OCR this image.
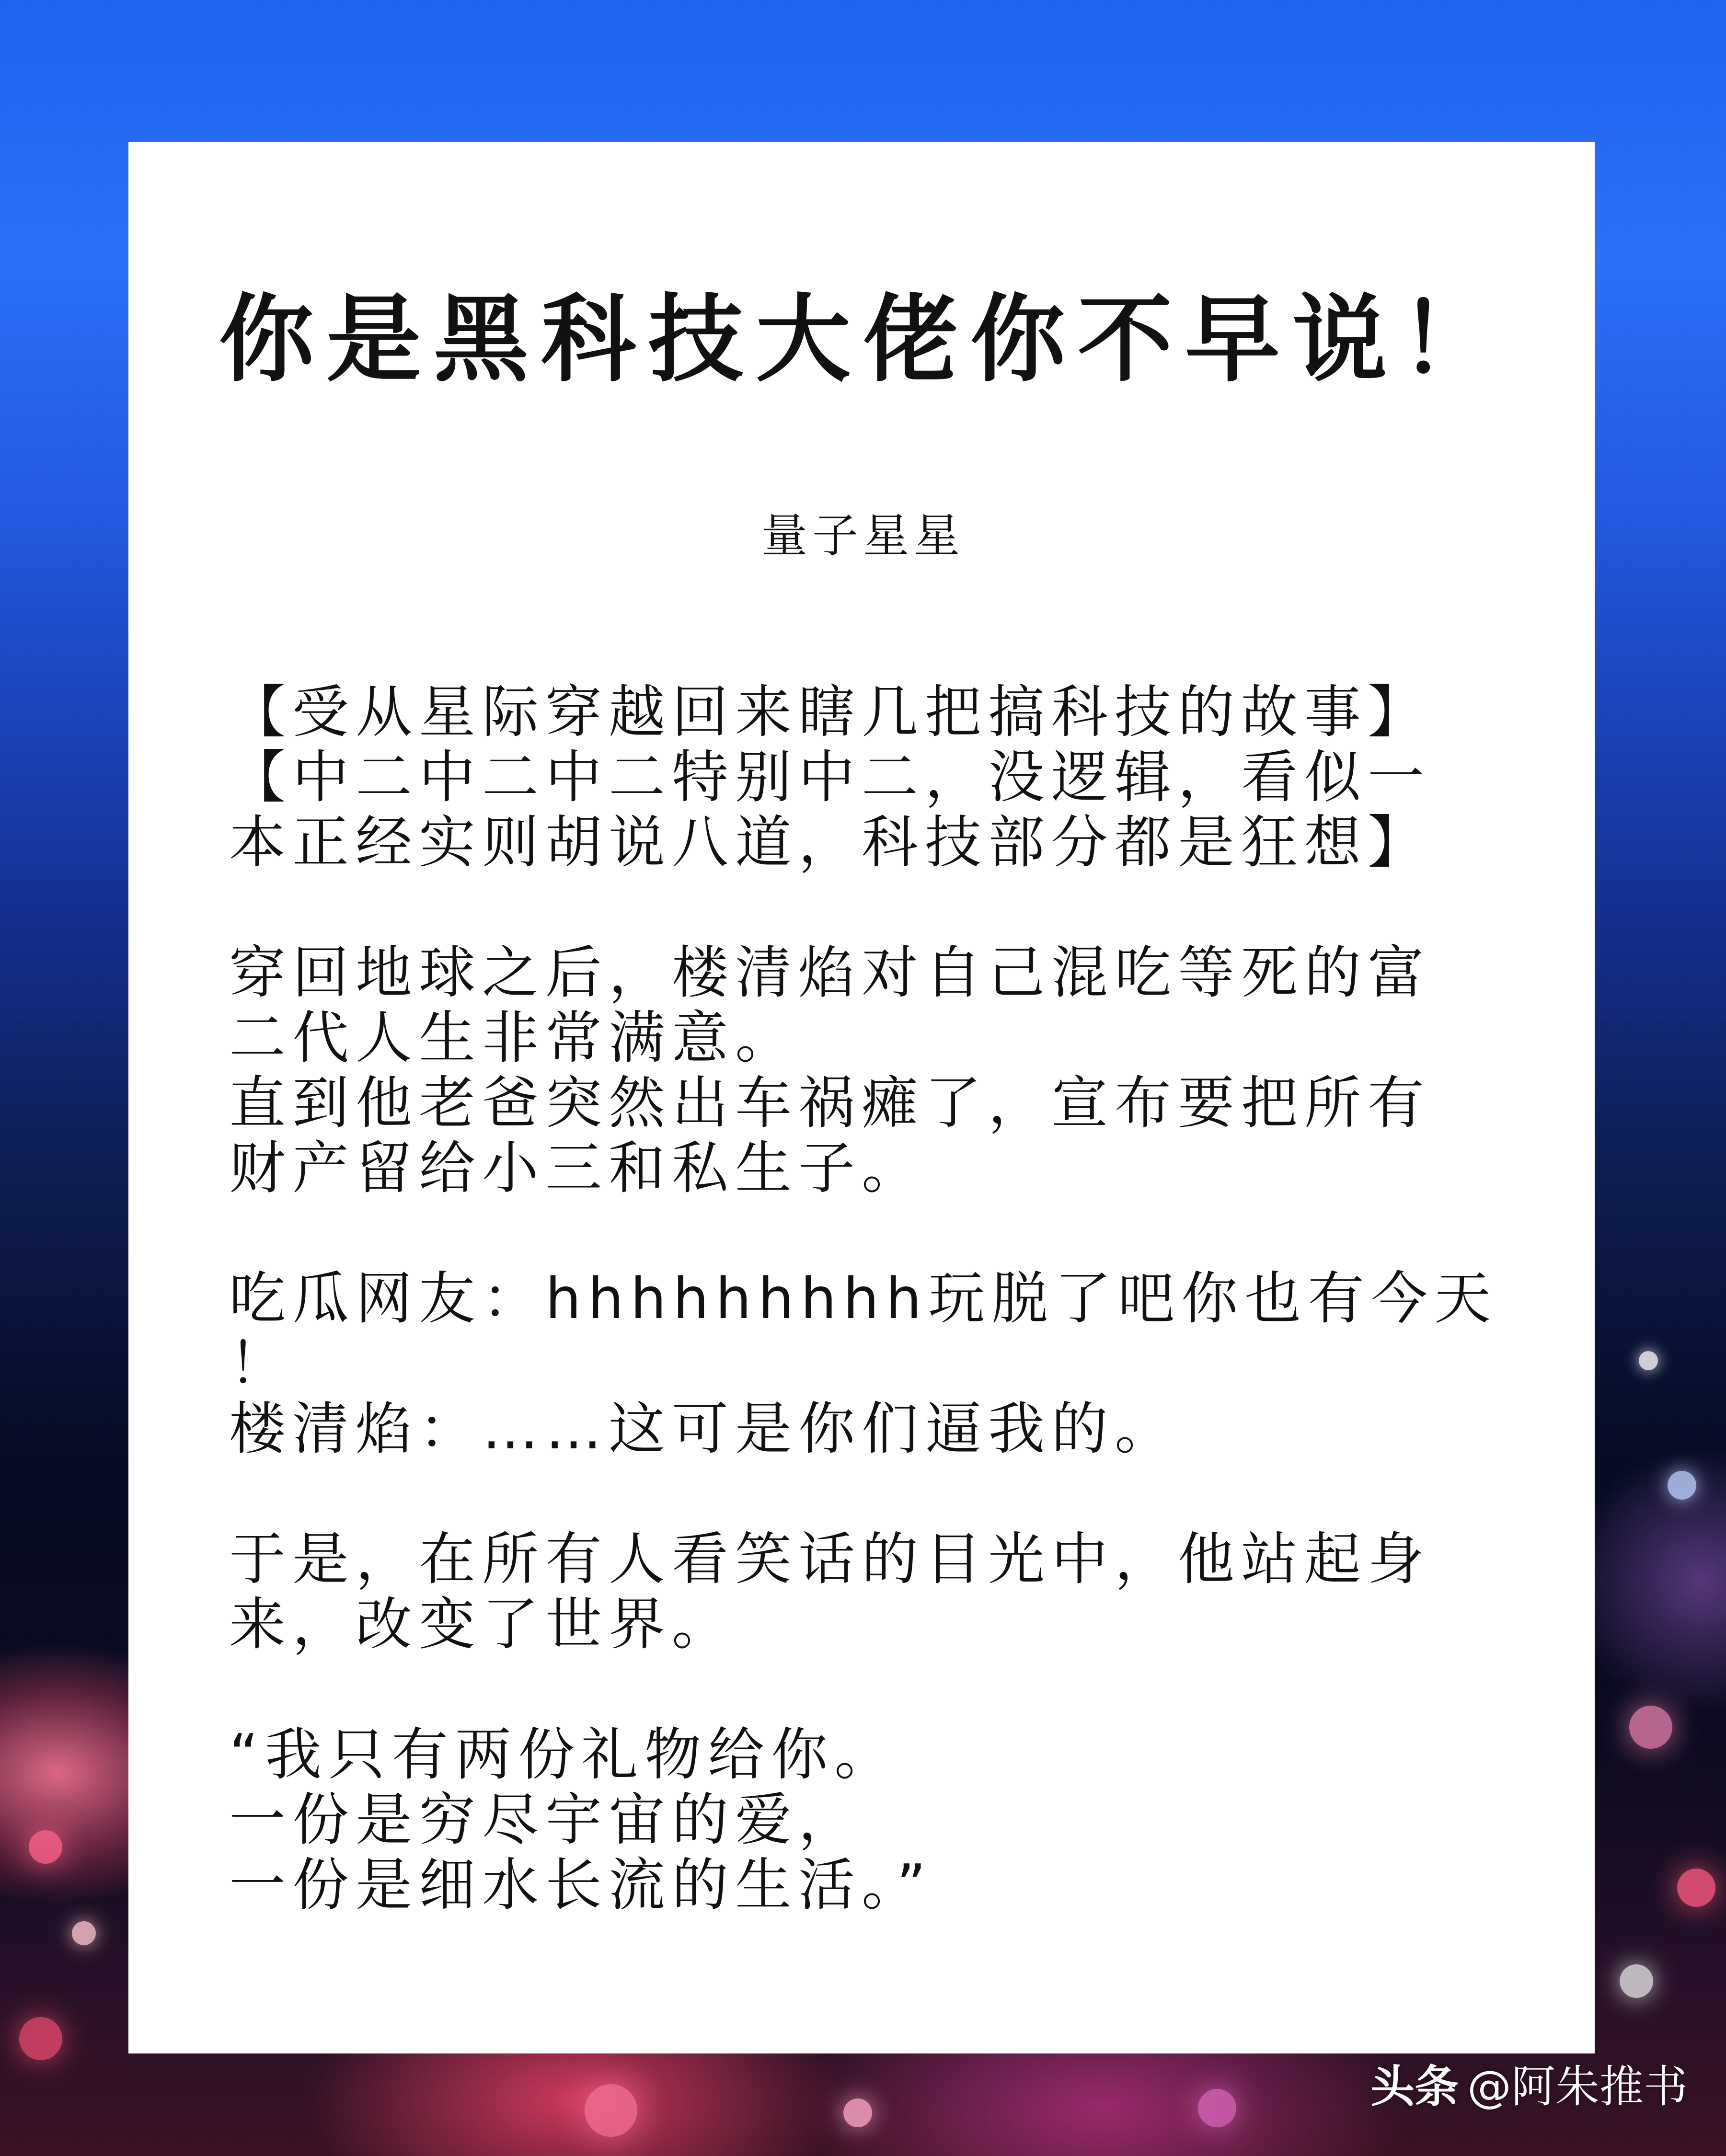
你是黑科技大佬你不早说！

量子星星

【受从星际穿越回来瞎几把搞科技的故事】
【中二中二中二特别中二，没逻辑，看似一
本正经实则胡说八道，科技部分都是狂想】
穿回地球之后，楼清焰对自己混吃等死的富
二代人生非常满意。
直到他老爸突然出车祸瘫了，宣布要把所有
财产留给小三和私生子。
吃瓜网友：hhhhhhhhh玩脱了吧你也有今天
！
楼清焰：……这可是你们逼我的。
于是，在所有人看笑话的目光中，他站起身
来，改变了世界。
“我只有两份礼物给你。
一份是穷尽宇宙的爱，
一份是细水长流的生活。”
头条 @阿朱推书
